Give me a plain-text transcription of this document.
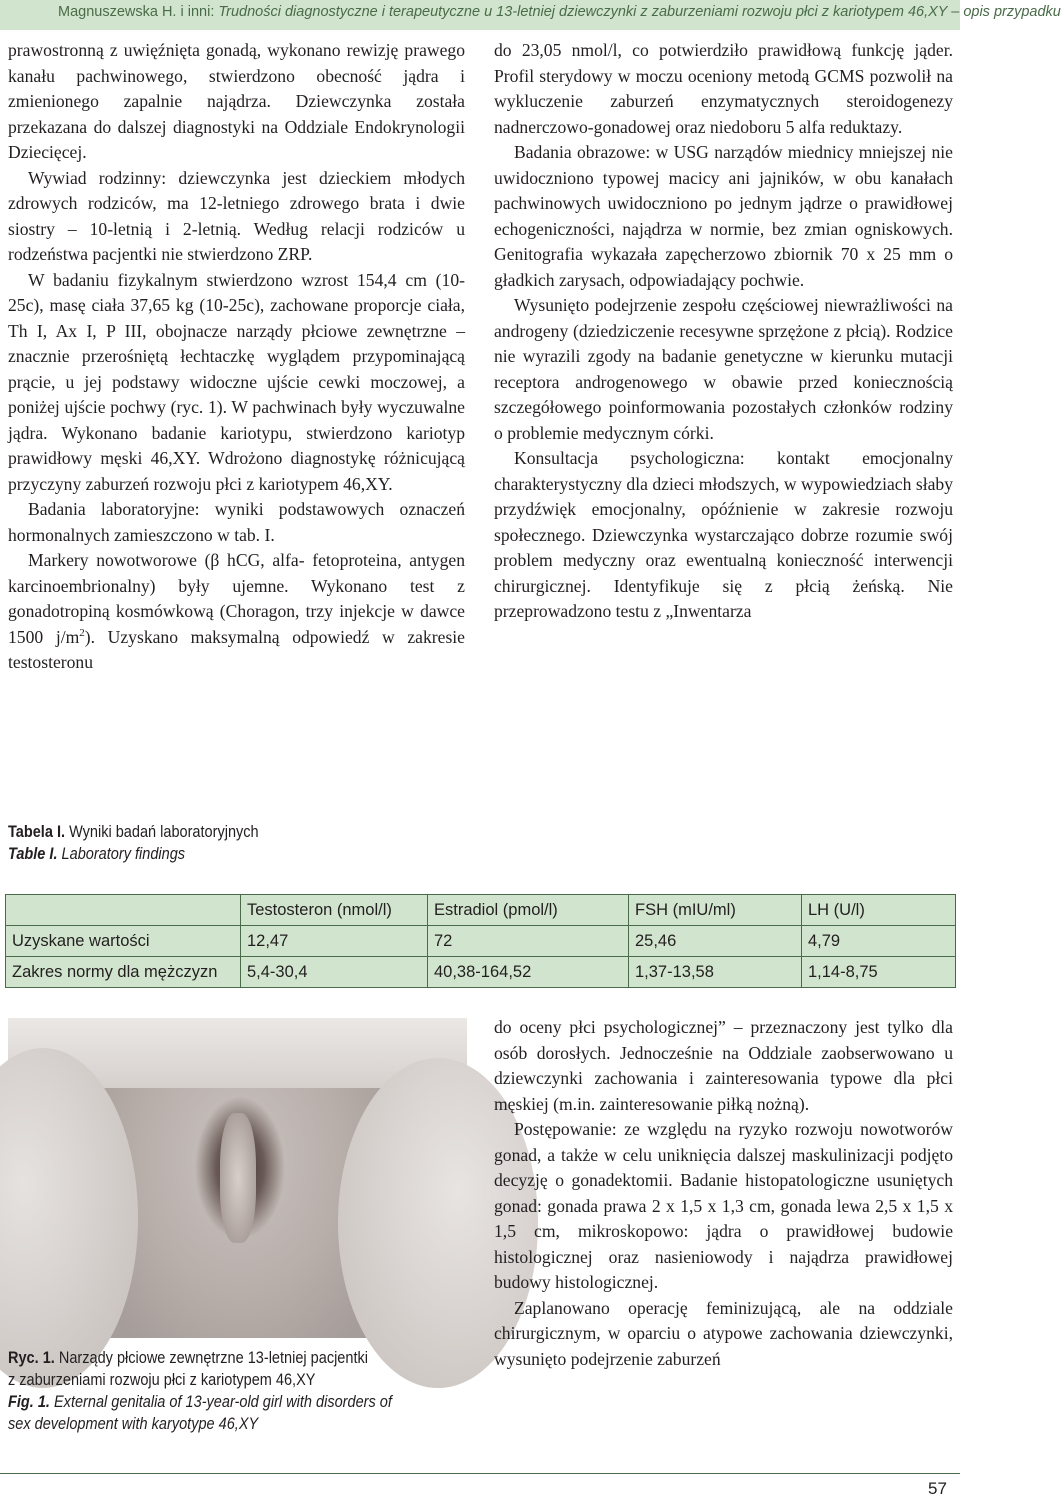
Magnuszewska H. i inni: Trudności diagnostyczne i terapeutyczne u 13-letniej dziewczynki z zaburzeniami rozwoju płci z kariotypem 46,XY – opis przypadku

prawostronną z uwięźnięta gonadą, wykonano rewizję prawego kanału pachwinowego, stwierdzono obecność jądra i zmienionego zapalnie najądrza. Dziewczynka została przekazana do dalszej diagnostyki na Oddziale Endokrynologii Dziecięcej.

Wywiad rodzinny: dziewczynka jest dzieckiem młodych zdrowych rodziców, ma 12-letniego zdrowego brata i dwie siostry – 10-letnią i 2-letnią. Według relacji rodziców u rodzeństwa pacjentki nie stwierdzono ZRP.

W badaniu fizykalnym stwierdzono wzrost 154,4 cm (10-25c), masę ciała 37,65 kg (10-25c), zachowane proporcje ciała, Th I, Ax I, P III, obojnacze narządy płciowe zewnętrzne – znacznie przerośniętą łechtaczkę wyglądem przypominającą prącie, u jej podstawy widoczne ujście cewki moczowej, a poniżej ujście pochwy (ryc. 1). W pachwinach były wyczuwalne jądra. Wykonano badanie kariotypu, stwierdzono kariotyp prawidłowy męski 46,XY. Wdrożono diagnostykę różnicującą przyczyny zaburzeń rozwoju płci z kariotypem 46,XY.

Badania laboratoryjne: wyniki podstawowych oznaczeń hormonalnych zamieszczono w tab. I.

Markery nowotworowe (β hCG, alfa- fetoproteina, antygen karcinoembrionalny) były ujemne. Wykonano test z gonadotropiną kosmówkową (Choragon, trzy injekcje w dawce 1500 $j/m^2$). Uzyskano maksymalną odpowiedź w zakresie testosteronu

do 23,05 nmol/l, co potwierdziło prawidłową funkcję jąder. Profil sterydowy w moczu oceniony metodą GCMS pozwolił na wykluczenie zaburzeń enzymatycznych steroidogenezy nadnerczowo-gonadowej oraz niedoboru 5 alfa reduktazy.

Badania obrazowe: w USG narządów miednicy mniejszej nie uwidoczniono typowej macicy ani jajników, w obu kanałach pachwinowych uwidoczniono po jednym jądrze o prawidłowej echogeniczności, najądrza w normie, bez zmian ogniskowych. Genitografia wykazała zapęcherzowo zbiornik 70 x 25 mm o gładkich zarysach, odpowiadający pochwie.

Wysunięto podejrzenie zespołu częściowej niewrażliwości na androgeny (dziedziczenie recesywne sprzężone z płcią). Rodzice nie wyrazili zgody na badanie genetyczne w kierunku mutacji receptora androgenowego w obawie przed koniecznością szczegółowego poinformowania pozostałych członków rodziny o problemie medycznym córki.

Konsultacja psychologiczna: kontakt emocjonalny charakterystyczny dla dzieci młodszych, w wypowiedziach słaby przydźwięk emocjonalny, opóźnienie w zakresie rozwoju społecznego. Dziewczynka wystarczająco dobrze rozumie swój problem medyczny oraz ewentualną konieczność interwencji chirurgicznej. Identyfikuje się z płcią żeńską. Nie przeprowadzono testu z „Inwentarza

Tabela I. Wyniki badań laboratoryjnych
Table I. Laboratory findings
	Testosteron (nmol/l)	Estradiol (pmol/l)	FSH (mIU/ml)	LH (U/l)
Uzyskane wartości	12,47	72	25,46	4,79
Zakres normy dla mężczyzn	5,4-30,4	40,38-164,52	1,37-13,58	1,14-8,75
Ryc. 1. Narządy płciowe zewnętrzne 13-letniej pacjentki
z zaburzeniami rozwoju płci z kariotypem 46,XY
Fig. 1. External genitalia of 13-year-old girl with disorders of
sex development with karyotype 46,XY

do oceny płci psychologicznej” – przeznaczony jest tylko dla osób dorosłych. Jednocześnie na Oddziale zaobserwowano u dziewczynki zachowania i zainteresowania typowe dla płci męskiej (m.in. zainteresowanie piłką nożną).

Postępowanie: ze względu na ryzyko rozwoju nowotworów gonad, a także w celu uniknięcia dalszej maskulinizacji podjęto decyzję o gonadektomii. Badanie histopatologiczne usuniętych gonad: gonada prawa 2 x 1,5 x 1,3 cm, gonada lewa 2,5 x 1,5 x 1,5 cm, mikroskopowo: jądra o prawidłowej budowie histologicznej oraz nasieniowody i najądrza prawidłowej budowy histologicznej.

Zaplanowano operację feminizującą, ale na oddziale chirurgicznym, w oparciu o atypowe zachowania dziewczynki, wysunięto podejrzenie zaburzeń

57
